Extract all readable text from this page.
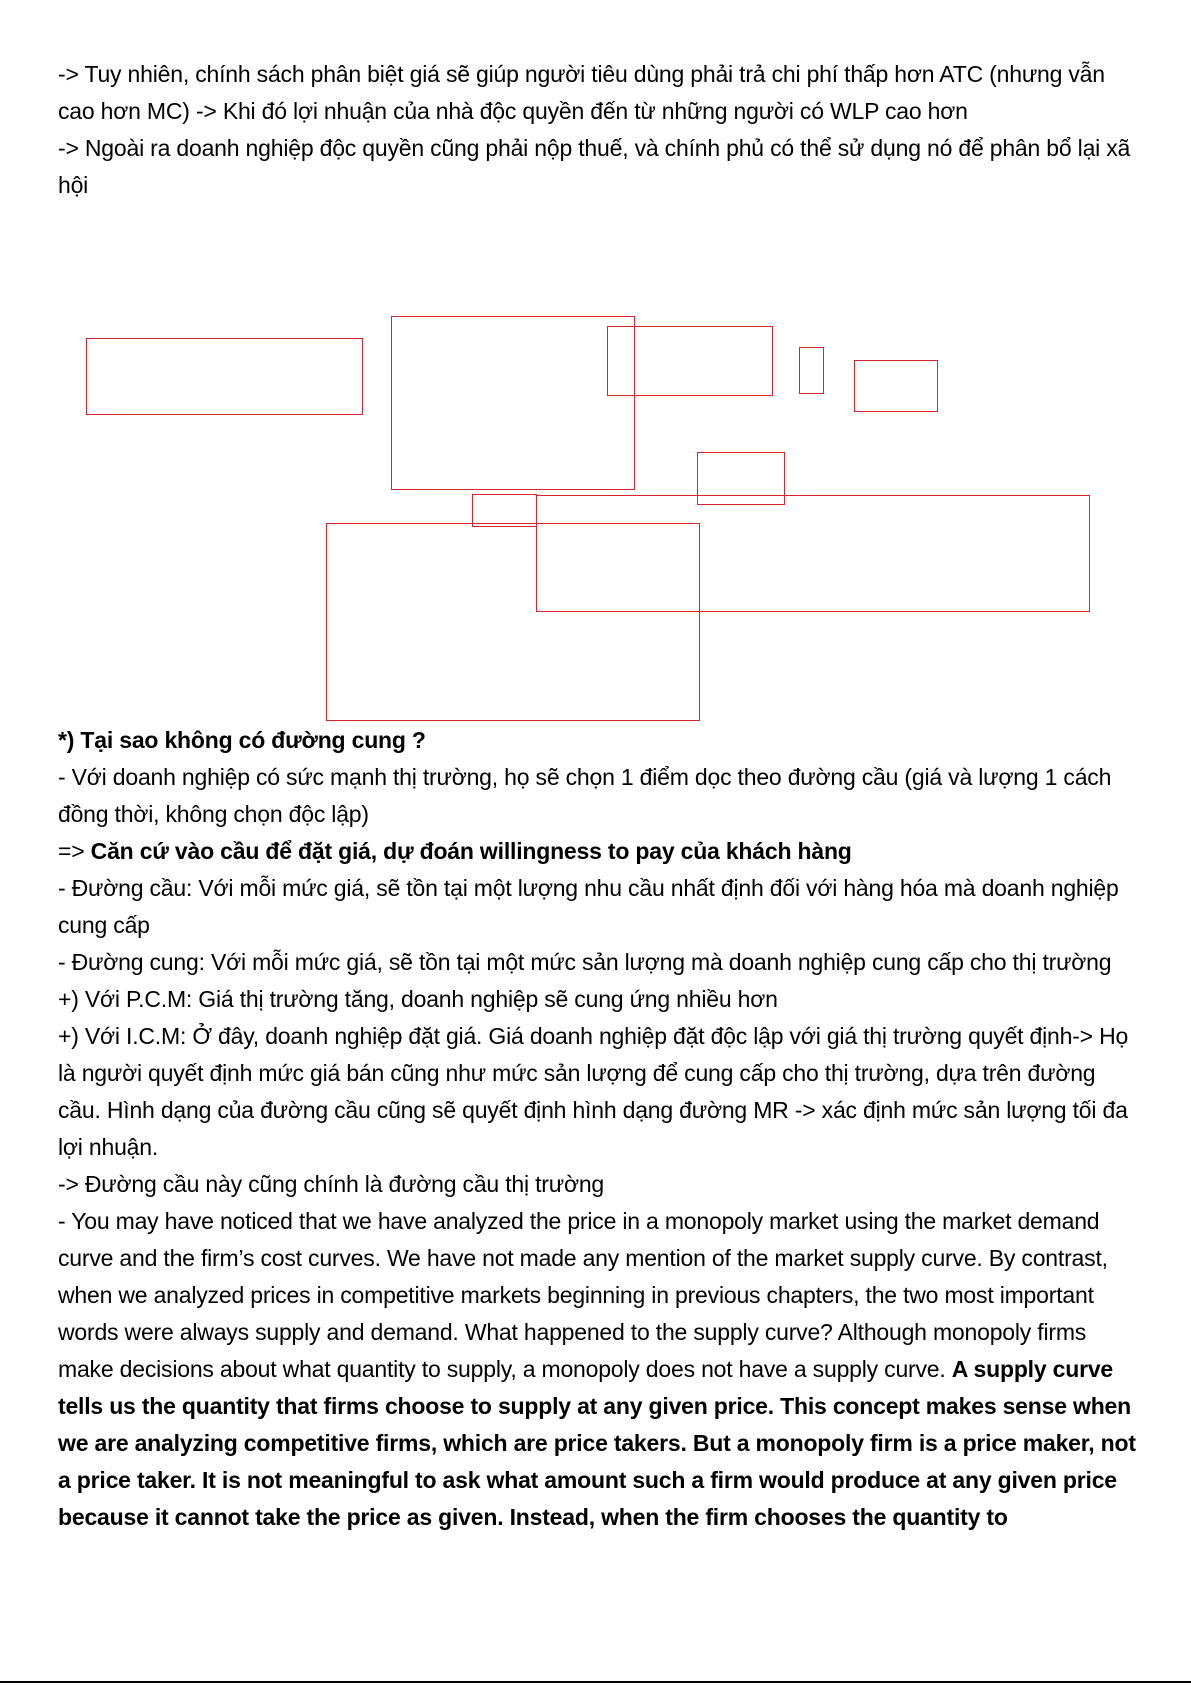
-> Tuy nhiên, chính sách phân biệt giá sẽ giúp người tiêu dùng phải trả chi phí thấp hơn ATC (nhưng vẫn cao hơn MC) -> Khi đó lợi nhuận của nhà độc quyền đến từ những người có WLP cao hơn

-> Ngoài ra doanh nghiệp độc quyền cũng phải nộp thuế, và chính phủ có thể sử dụng nó để phân bổ lại xã hội

*) Tại sao không có đường cung ?

- Với doanh nghiệp có sức mạnh thị trường, họ sẽ chọn 1 điểm dọc theo đường cầu (giá và lượng 1 cách đồng thời, không chọn độc lập)

=> Căn cứ vào cầu để đặt giá, dự đoán willingness to pay của khách hàng

- Đường cầu: Với mỗi mức giá, sẽ tồn tại một lượng nhu cầu nhất định đối với hàng hóa mà doanh nghiệp cung cấp

- Đường cung: Với mỗi mức giá, sẽ tồn tại một mức sản lượng mà doanh nghiệp cung cấp cho thị trường

+) Với P.C.M: Giá thị trường tăng, doanh nghiệp sẽ cung ứng nhiều hơn

+) Với I.C.M: Ở đây, doanh nghiệp đặt giá. Giá doanh nghiệp đặt độc lập với giá thị trường quyết định-> Họ là người quyết định mức giá bán cũng như mức sản lượng để cung cấp cho thị trường, dựa trên đường cầu. Hình dạng của đường cầu cũng sẽ quyết định hình dạng đường MR -> xác định mức sản lượng tối đa lợi nhuận.

-> Đường cầu này cũng chính là đường cầu thị trường

- You may have noticed that we have analyzed the price in a monopoly market using the market demand curve and the firm’s cost curves. We have not made any mention of the market supply curve. By contrast, when we analyzed prices in competitive markets beginning in previous chapters, the two most important words were always supply and demand. What happened to the supply curve? Although monopoly firms make decisions about what quantity to supply, a monopoly does not have a supply curve. A supply curve tells us the quantity that firms choose to supply at any given price. This concept makes sense when we are analyzing competitive firms, which are price takers. But a monopoly firm is a price maker, not a price taker. It is not meaningful to ask what amount such a firm would produce at any given price because it cannot take the price as given. Instead, when the firm chooses the quantity to
